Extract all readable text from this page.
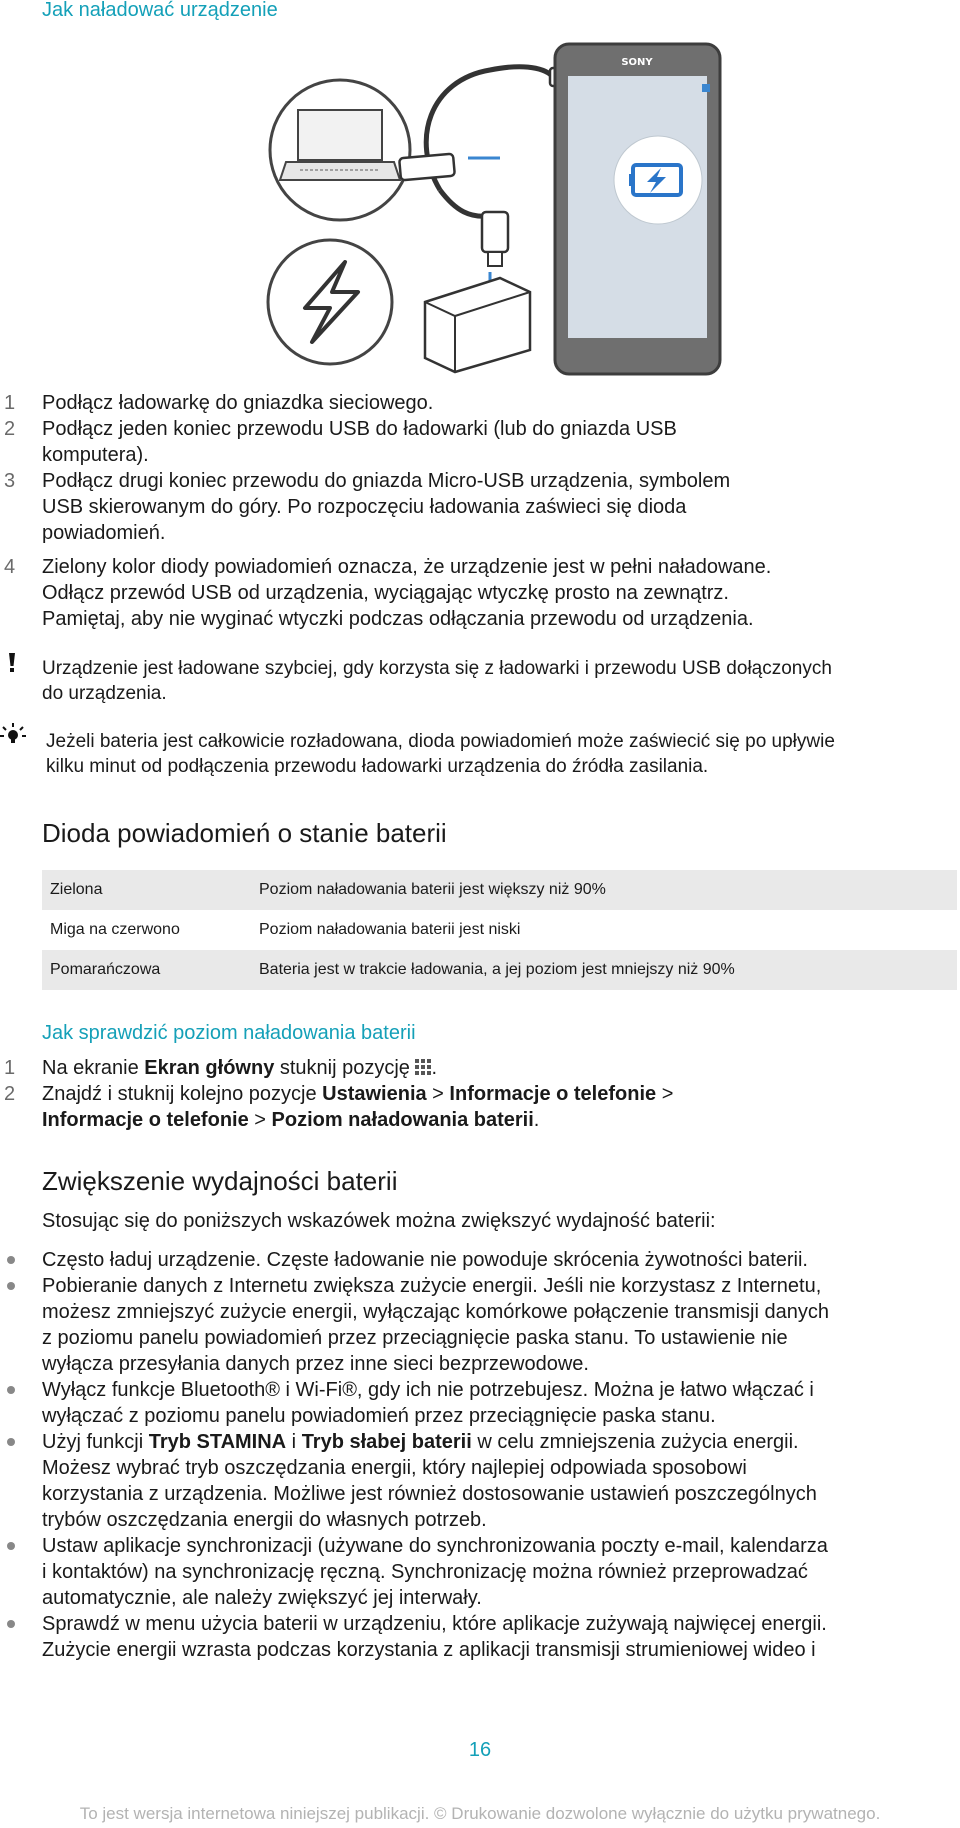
Jak naładować urządzenie
SONY
1 Podłącz ładowarkę do gniazdka sieciowego.
2 Podłącz jeden koniec przewodu USB do ładowarki (lub do gniazda USB
komputera).
3 Podłącz drugi koniec przewodu do gniazda Micro-USB urządzenia, symbolem
USB skierowanym do góry. Po rozpoczęciu ładowania zaświeci się dioda
powiadomień.
4 Zielony kolor diody powiadomień oznacza, że urządzenie jest w pełni naładowane.
Odłącz przewód USB od urządzenia, wyciągając wtyczkę prosto na zewnątrz.
Pamiętaj, aby nie wyginać wtyczki podczas odłączania przewodu od urządzenia.
Urządzenie jest ładowane szybciej, gdy korzysta się z ładowarki i przewodu USB dołączonych
do urządzenia.
Jeżeli bateria jest całkowicie rozładowana, dioda powiadomień może zaświecić się po upływie
kilku minut od podłączenia przewodu ładowarki urządzenia do źródła zasilania.
Dioda powiadomień o stanie baterii
Zielona	Poziom naładowania baterii jest większy niż 90%
Miga na czerwono	Poziom naładowania baterii jest niski
Pomarańczowa	Bateria jest w trakcie ładowania, a jej poziom jest mniejszy niż 90%
Jak sprawdzić poziom naładowania baterii
1 Na ekranie Ekran główny stuknij pozycję .
2 Znajdź i stuknij kolejno pozycje Ustawienia > Informacje o telefonie >
Informacje o telefonie > Poziom naładowania baterii.
Zwiększenie wydajności baterii
Stosując się do poniższych wskazówek można zwiększyć wydajność baterii:
Często ładuj urządzenie. Częste ładowanie nie powoduje skrócenia żywotności baterii.
Pobieranie danych z Internetu zwiększa zużycie energii. Jeśli nie korzystasz z Internetu,
możesz zmniejszyć zużycie energii, wyłączając komórkowe połączenie transmisji danych
z poziomu panelu powiadomień przez przeciągnięcie paska stanu. To ustawienie nie
wyłącza przesyłania danych przez inne sieci bezprzewodowe.
Wyłącz funkcje Bluetooth® i Wi-Fi®, gdy ich nie potrzebujesz. Można je łatwo włączać i
wyłączać z poziomu panelu powiadomień przez przeciągnięcie paska stanu.
Użyj funkcji Tryb STAMINA i Tryb słabej baterii w celu zmniejszenia zużycia energii.
Możesz wybrać tryb oszczędzania energii, który najlepiej odpowiada sposobowi
korzystania z urządzenia. Możliwe jest również dostosowanie ustawień poszczególnych
trybów oszczędzania energii do własnych potrzeb.
Ustaw aplikacje synchronizacji (używane do synchronizowania poczty e-mail, kalendarza
i kontaktów) na synchronizację ręczną. Synchronizację można również przeprowadzać
automatycznie, ale należy zwiększyć jej interwały.
Sprawdź w menu użycia baterii w urządzeniu, które aplikacje zużywają najwięcej energii.
Zużycie energii wzrasta podczas korzystania z aplikacji transmisji strumieniowej wideo i
16
To jest wersja internetowa niniejszej publikacji. © Drukowanie dozwolone wyłącznie do użytku prywatnego.
